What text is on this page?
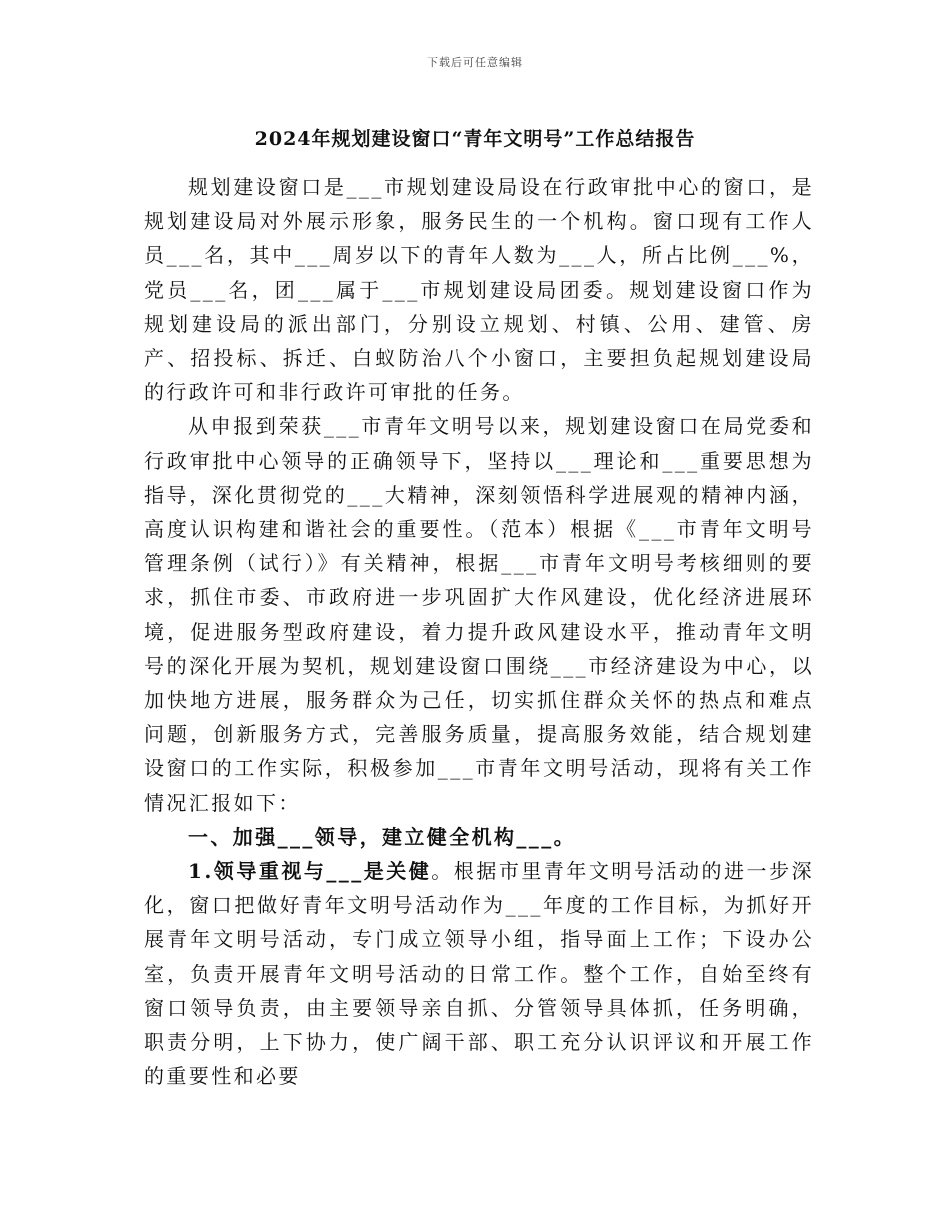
下载后可任意编辑
2024年规划建设窗口“青年文明号”工作总结报告

规划建设窗口是___市规划建设局设在行政审批中心的窗口，是规划建设局对外展示形象，服务民生的一个机构。窗口现有工作人员___名，其中___周岁以下的青年人数为___人，所占比例___%，党员___名，团___属于___市规划建设局团委。规划建设窗口作为规划建设局的派出部门，分别设立规划、村镇、公用、建管、房产、招投标、拆迁、白蚁防治八个小窗口，主要担负起规划建设局的行政许可和非行政许可审批的任务。

从申报到荣获___市青年文明号以来，规划建设窗口在局党委和行政审批中心领导的正确领导下，坚持以___理论和___重要思想为指导，深化贯彻党的___大精神，深刻领悟科学进展观的精神内涵，高度认识构建和谐社会的重要性。（范本）根据《___市青年文明号管理条例（试行）》有关精神，根据___市青年文明号考核细则的要求，抓住市委、市政府进一步巩固扩大作风建设，优化经济进展环境，促进服务型政府建设，着力提升政风建设水平，推动青年文明号的深化开展为契机，规划建设窗口围绕___市经济建设为中心，以加快地方进展，服务群众为己任，切实抓住群众关怀的热点和难点问题，创新服务方式，完善服务质量，提高服务效能，结合规划建设窗口的工作实际，积极参加___市青年文明号活动，现将有关工作情况汇报如下：

一、加强___领导，建立健全机构___。

1.领导重视与___是关健。根据市里青年文明号活动的进一步深化，窗口把做好青年文明号活动作为___年度的工作目标，为抓好开展青年文明号活动，专门成立领导小组，指导面上工作；下设办公室，负责开展青年文明号活动的日常工作。整个工作，自始至终有窗口领导负责，由主要领导亲自抓、分管领导具体抓，任务明确，职责分明，上下协力，使广阔干部、职工充分认识评议和开展工作的重要性和必要
